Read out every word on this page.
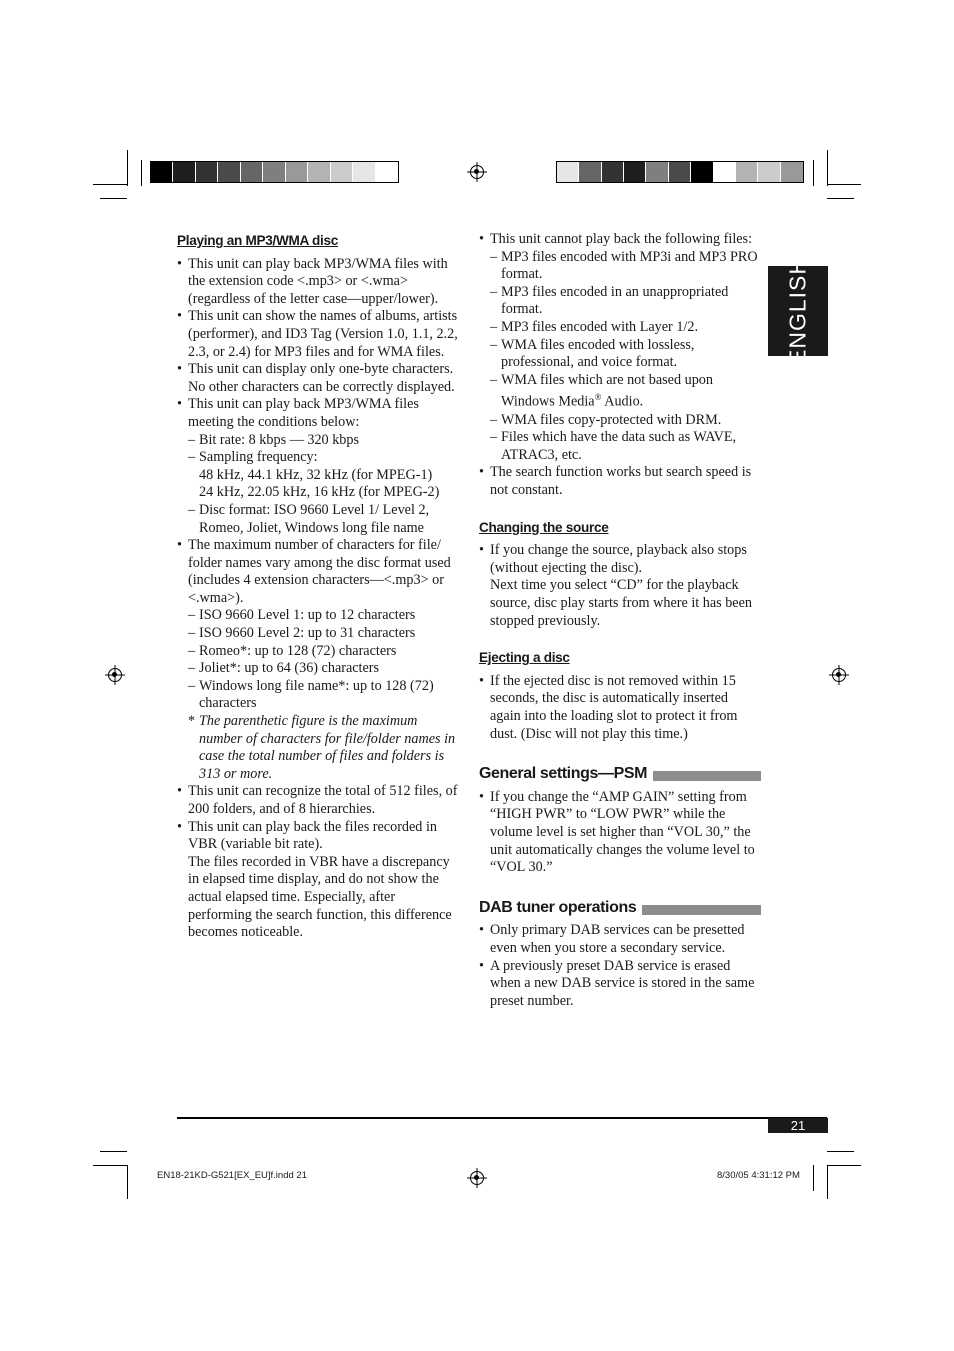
ENGLISH
Playing an MP3/WMA disc
• This unit can play back MP3/WMA files with the extension code <.mp3> or <.wma> (regardless of the letter case—upper/lower).
• This unit can show the names of albums, artists (performer), and ID3 Tag (Version 1.0, 1.1, 2.2, 2.3, or 2.4) for MP3 files and for WMA files.
• This unit can display only one-byte characters. No other characters can be correctly displayed.
• This unit can play back MP3/WMA files meeting the conditions below:
– Bit rate: 8 kbps — 320 kbps
– Sampling frequency:
48 kHz, 44.1 kHz, 32 kHz (for MPEG-1)
24 kHz, 22.05 kHz, 16 kHz (for MPEG-2)
– Disc format: ISO 9660 Level 1/ Level 2, Romeo, Joliet, Windows long file name
• The maximum number of characters for file/ folder names vary among the disc format used (includes 4 extension characters—<.mp3> or <.wma>).
– ISO 9660 Level 1: up to 12 characters
– ISO 9660 Level 2: up to 31 characters
– Romeo*: up to 128 (72) characters
– Joliet*: up to 64 (36) characters
– Windows long file name*: up to 128 (72) characters
* The parenthetic figure is the maximum number of characters for file/folder names in case the total number of files and folders is 313 or more.
• This unit can recognize the total of 512 files, of 200 folders, and of 8 hierarchies.
• This unit can play back the files recorded in VBR (variable bit rate).
The files recorded in VBR have a discrepancy in elapsed time display, and do not show the actual elapsed time. Especially, after performing the search function, this difference becomes noticeable.
• This unit cannot play back the following files:
– MP3 files encoded with MP3i and MP3 PRO format.
– MP3 files encoded in an unappropriated format.
– MP3 files encoded with Layer 1/2.
– WMA files encoded with lossless, professional, and voice format.
– WMA files which are not based upon Windows Media® Audio.
– WMA files copy-protected with DRM.
– Files which have the data such as WAVE, ATRAC3, etc.
• The search function works but search speed is not constant.
Changing the source
• If you change the source, playback also stops (without ejecting the disc).
Next time you select “CD” for the playback source, disc play starts from where it has been stopped previously.
Ejecting a disc
• If the ejected disc is not removed within 15 seconds, the disc is automatically inserted again into the loading slot to protect it from dust. (Disc will not play this time.)
General settings—PSM
• If you change the “AMP GAIN” setting from “HIGH PWR” to “LOW PWR” while the volume level is set higher than “VOL 30,” the unit automatically changes the volume level to “VOL 30.”
DAB tuner operations
• Only primary DAB services can be presetted even when you store a secondary service.
• A previously preset DAB service is erased when a new DAB service is stored in the same preset number.
21
EN18-21KD-G521[EX_EU]f.indd 21	8/30/05 4:31:12 PM
